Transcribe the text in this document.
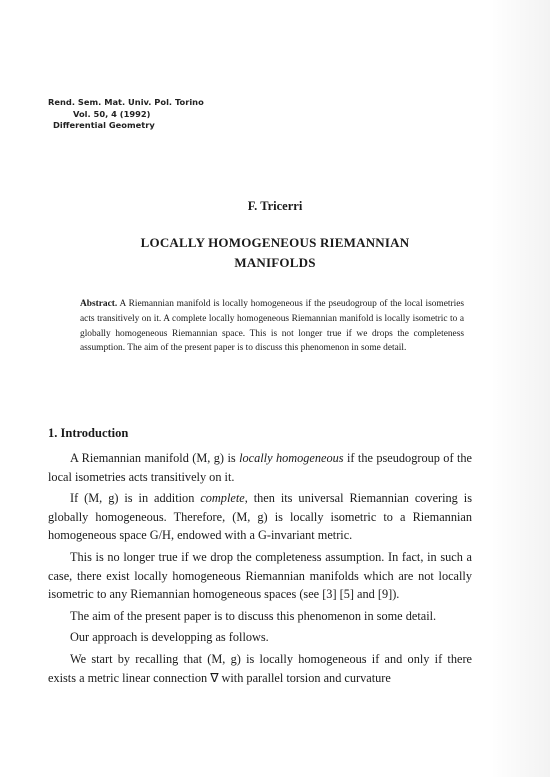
Rend. Sem. Mat. Univ. Pol. Torino
Vol. 50, 4 (1992)
Differential Geometry
F. Tricerri
LOCALLY HOMOGENEOUS RIEMANNIAN
MANIFOLDS
Abstract. A Riemannian manifold is locally homogeneous if the pseudogroup of the local isometries acts transitively on it. A complete locally homogeneous Riemannian manifold is locally isometric to a globally homogeneous Riemannian space. This is not longer true if we drops the completeness assumption. The aim of the present paper is to discuss this phenomenon in some detail.
1. Introduction

A Riemannian manifold (M, g) is locally homogeneous if the pseudogroup of the local isometries acts transitively on it.

If (M, g) is in addition complete, then its universal Riemannian covering is globally homogeneous. Therefore, (M, g) is locally isometric to a Riemannian homogeneous space G/H, endowed with a G-invariant metric.

This is no longer true if we drop the completeness assumption. In fact, in such a case, there exist locally homogeneous Riemannian manifolds which are not locally isometric to any Riemannian homogeneous spaces (see [3] [5] and [9]).

The aim of the present paper is to discuss this phenomenon in some detail.

Our approach is developping as follows.

We start by recalling that (M, g) is locally homogeneous if and only if there exists a metric linear connection ∇ with parallel torsion and curvature
